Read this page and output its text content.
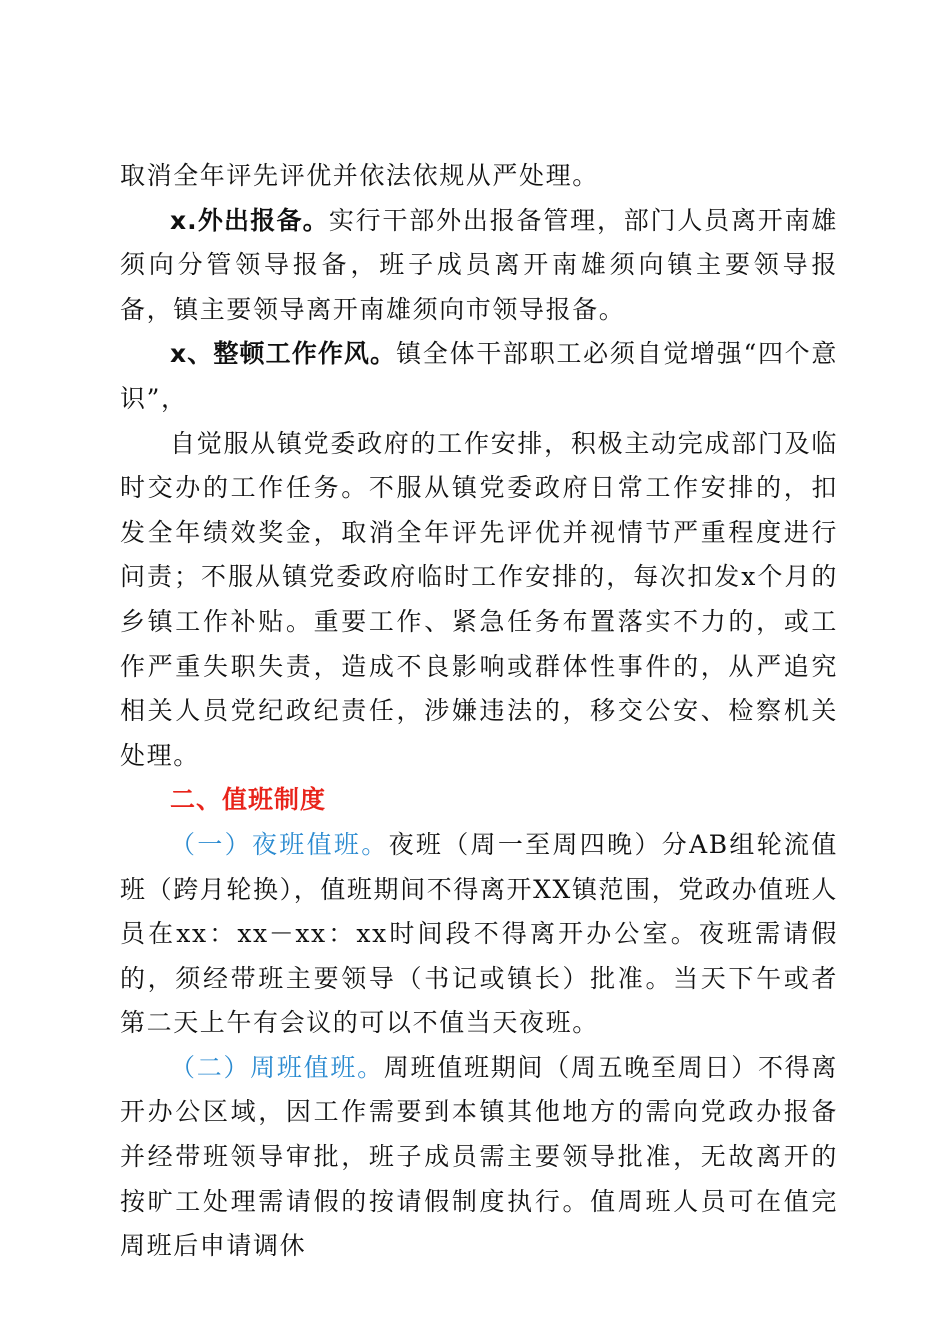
取消全年评先评优并依法依规从严处理。

x.外出报备。实行干部外出报备管理，部门人员离开南雄须向分管领导报备，班子成员离开南雄须向镇主要领导报备，镇主要领导离开南雄须向市领导报备。

x、整顿工作作风。镇全体干部职工必须自觉增强“四个意识”，

自觉服从镇党委政府的工作安排，积极主动完成部门及临时交办的工作任务。不服从镇党委政府日常工作安排的，扣发全年绩效奖金，取消全年评先评优并视情节严重程度进行问责；不服从镇党委政府临时工作安排的，每次扣发x个月的乡镇工作补贴。重要工作、紧急任务布置落实不力的，或工作严重失职失责，造成不良影响或群体性事件的，从严追究相关人员党纪政纪责任，涉嫌违法的，移交公安、检察机关处理。

二、值班制度

（一）夜班值班。夜班（周一至周四晚）分AB组轮流值班（跨月轮换），值班期间不得离开XX镇范围，党政办值班人员在xx：xx－xx：xx时间段不得离开办公室。夜班需请假的，须经带班主要领导（书记或镇长）批准。当天下午或者第二天上午有会议的可以不值当天夜班。

（二）周班值班。周班值班期间（周五晚至周日）不得离开办公区域，因工作需要到本镇其他地方的需向党政办报备并经带班领导审批，班子成员需主要领导批准，无故离开的按旷工处理需请假的按请假制度执行。值周班人员可在值完周班后申请调休
